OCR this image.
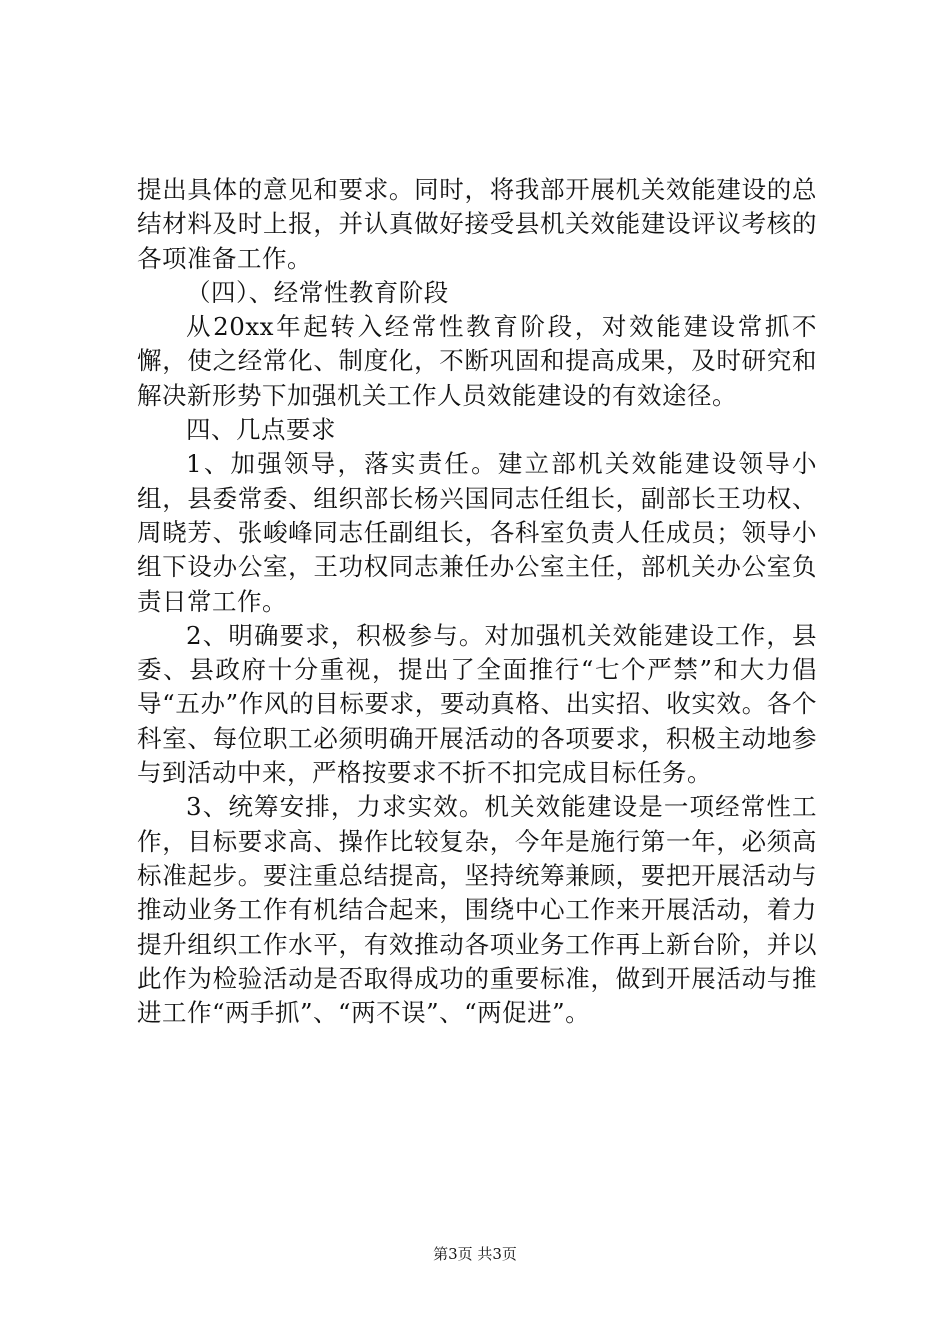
提出具体的意见和要求。同时，将我部开展机关效能建设的总结材料及时上报，并认真做好接受县机关效能建设评议考核的各项准备工作。

（四）、经常性教育阶段

从20xx年起转入经常性教育阶段，对效能建设常抓不懈，使之经常化、制度化，不断巩固和提高成果，及时研究和解决新形势下加强机关工作人员效能建设的有效途径。

四、几点要求

1、加强领导，落实责任。建立部机关效能建设领导小组，县委常委、组织部长杨兴国同志任组长，副部长王功权、周晓芳、张峻峰同志任副组长，各科室负责人任成员；领导小组下设办公室，王功权同志兼任办公室主任，部机关办公室负责日常工作。

2、明确要求，积极参与。对加强机关效能建设工作，县委、县政府十分重视，提出了全面推行“七个严禁”和大力倡导“五办”作风的目标要求，要动真格、出实招、收实效。各个科室、每位职工必须明确开展活动的各项要求，积极主动地参与到活动中来，严格按要求不折不扣完成目标任务。

3、统筹安排，力求实效。机关效能建设是一项经常性工作，目标要求高、操作比较复杂，今年是施行第一年，必须高标准起步。要注重总结提高，坚持统筹兼顾，要把开展活动与推动业务工作有机结合起来，围绕中心工作来开展活动，着力提升组织工作水平，有效推动各项业务工作再上新台阶，并以此作为检验活动是否取得成功的重要标准，做到开展活动与推进工作“两手抓”、“两不误”、“两促进”。

第3页 共3页
